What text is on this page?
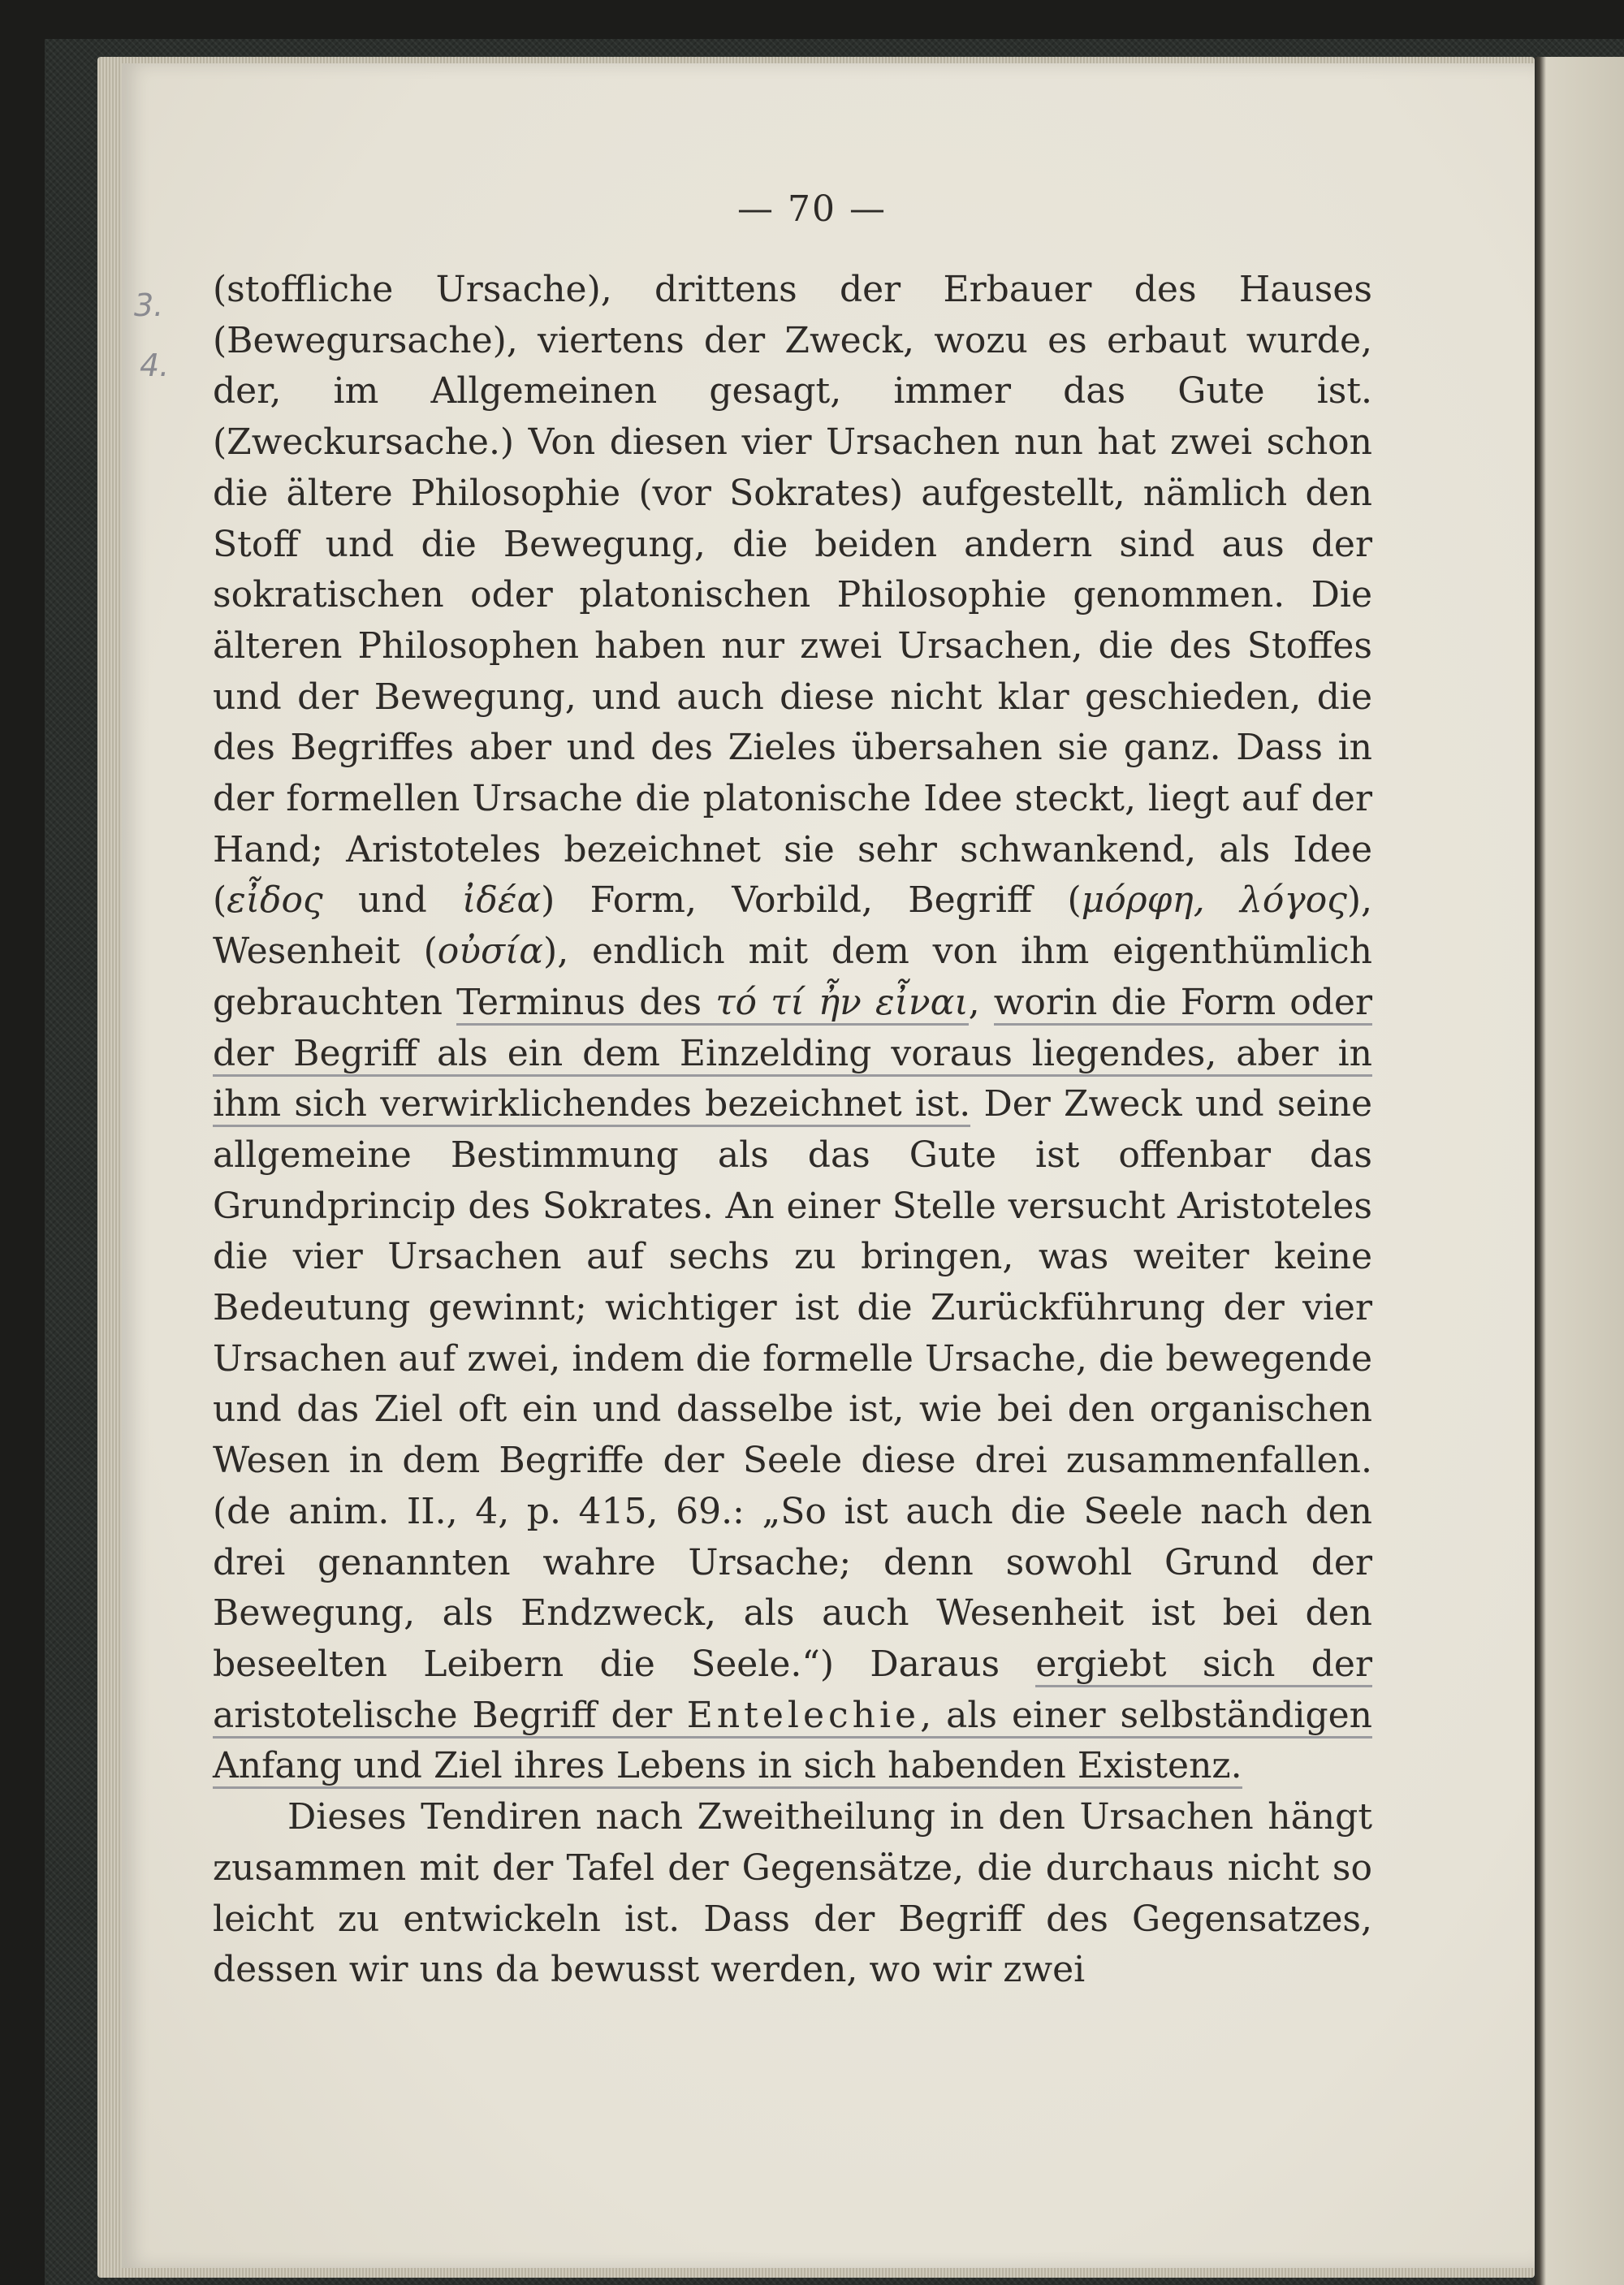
— 70 —

3.
4.

(stoffliche Ursache), drittens der Erbauer des Hauses (Bewegursache), viertens der Zweck, wozu es erbaut wurde, der, im Allgemeinen gesagt, immer das Gute ist. (Zweckursache.) Von diesen vier Ursachen nun hat zwei schon die ältere Philosophie (vor Sokrates) aufgestellt, nämlich den Stoff und die Bewegung, die beiden andern sind aus der sokratischen oder platonischen Philosophie genommen. Die älteren Philosophen haben nur zwei Ursachen, die des Stoffes und der Bewegung, und auch diese nicht klar geschieden, die des Begriffes aber und des Zieles übersahen sie ganz. Dass in der formellen Ursache die platonische Idee steckt, liegt auf der Hand; Aristoteles bezeichnet sie sehr schwankend, als Idee (εἶδος und ἰδέα) Form, Vorbild, Begriff (μόρφη, λόγος), Wesenheit (οὐσία), endlich mit dem von ihm eigenthümlich gebrauchten Terminus des τό τί ἦν εἶναι, worin die Form oder der Begriff als ein dem Einzelding voraus liegendes, aber in ihm sich verwirklichendes bezeichnet ist. Der Zweck und seine allgemeine Bestimmung als das Gute ist offenbar das Grundprincip des Sokrates. An einer Stelle versucht Aristoteles die vier Ursachen auf sechs zu bringen, was weiter keine Bedeutung gewinnt; wichtiger ist die Zurückführung der vier Ursachen auf zwei, indem die formelle Ursache, die bewegende und das Ziel oft ein und dasselbe ist, wie bei den organischen Wesen in dem Begriffe der Seele diese drei zusammenfallen. (de anim. II., 4, p. 415, 69.: „So ist auch die Seele nach den drei genannten wahre Ursache; denn sowohl Grund der Bewegung, als Endzweck, als auch Wesenheit ist bei den beseelten Leibern die Seele.“) Daraus ergiebt sich der aristotelische Begriff der Entelechie, als einer selbständigen Anfang und Ziel ihres Lebens in sich habenden Existenz.

Dieses Tendiren nach Zweitheilung in den Ursachen hängt zusammen mit der Tafel der Gegensätze, die durchaus nicht so leicht zu entwickeln ist. Dass der Begriff des Gegensatzes, dessen wir uns da bewusst werden, wo wir zwei
